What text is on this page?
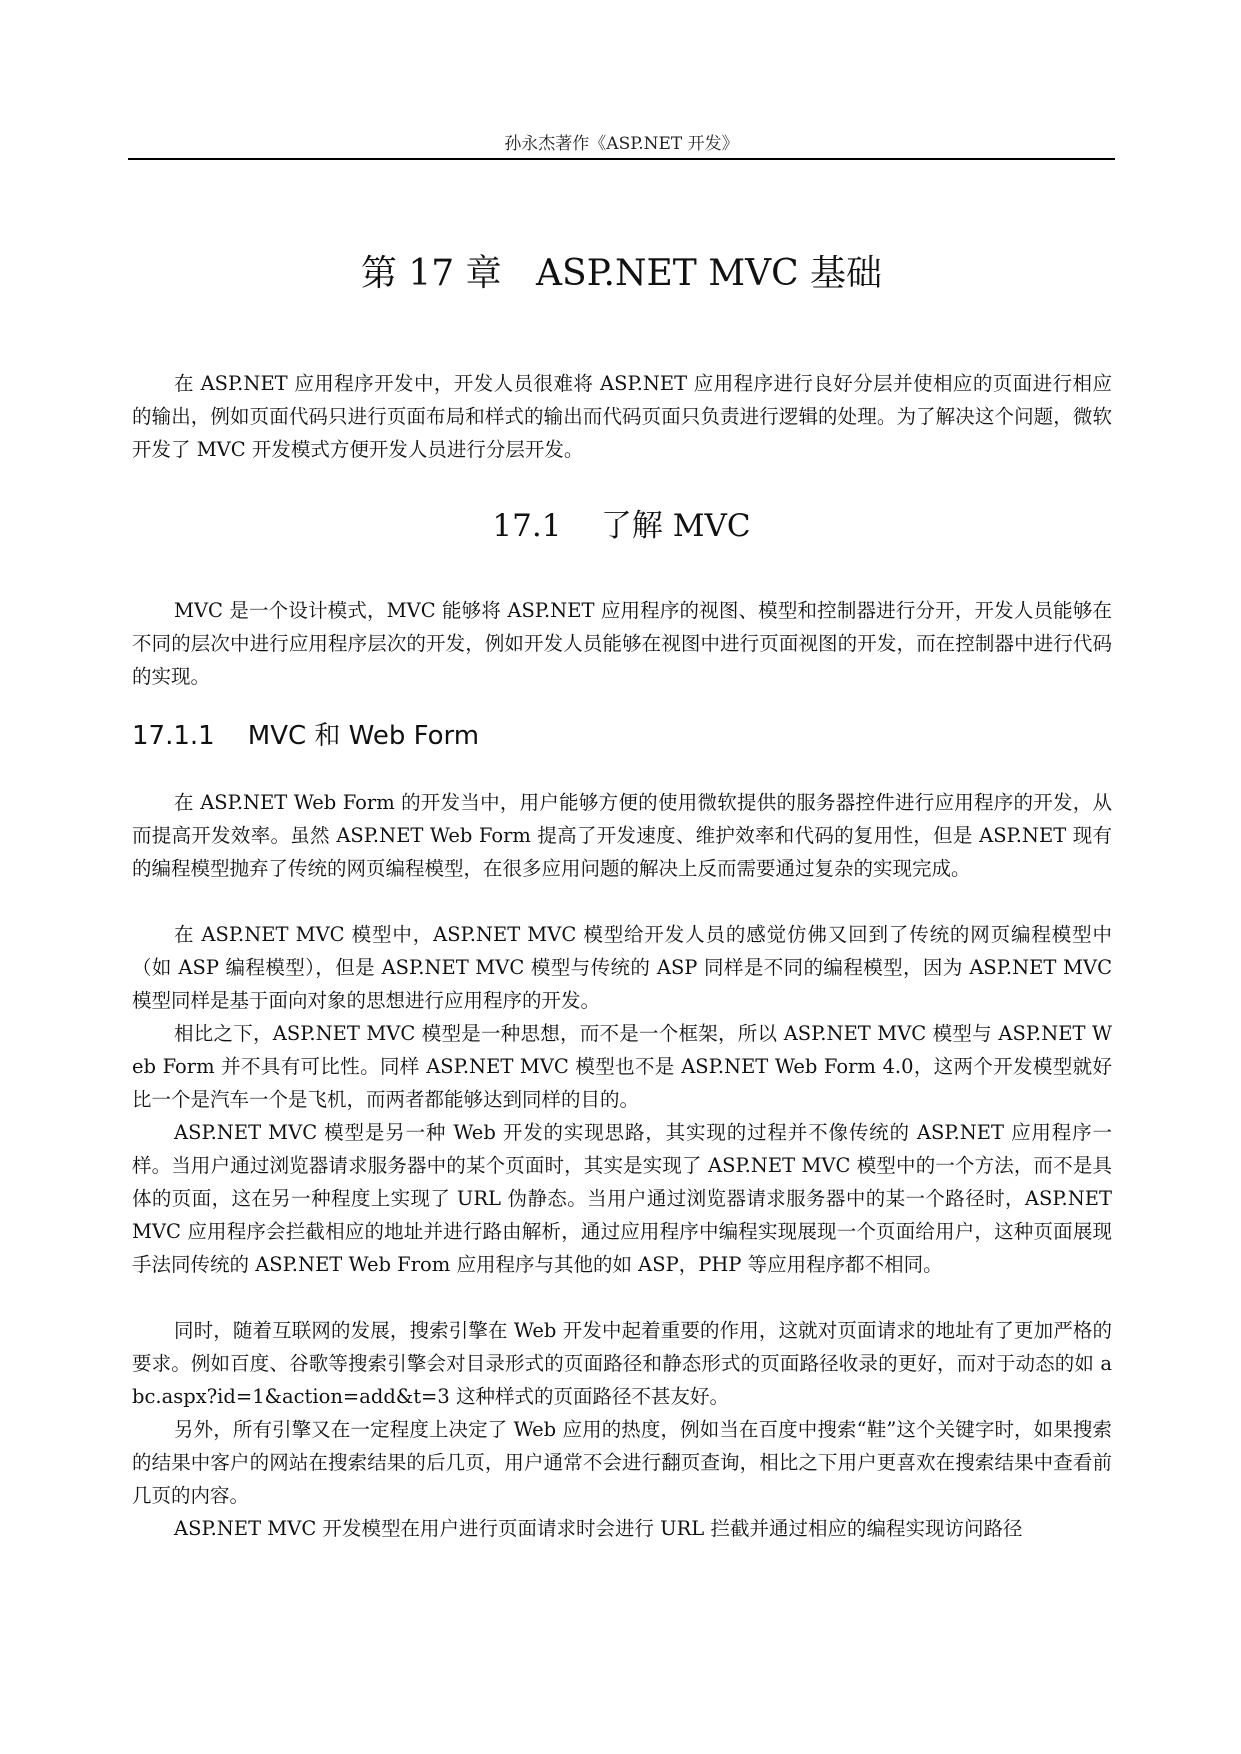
孙永杰著作《ASP.NET 开发》
第 17 章   ASP.NET MVC 基础

在 ASP.NET 应用程序开发中，开发人员很难将 ASP.NET 应用程序进行良好分层并使相应的页面进行相应的输出，例如页面代码只进行页面布局和样式的输出而代码页面只负责进行逻辑的处理。为了解决这个问题，微软开发了 MVC 开发模式方便开发人员进行分层开发。

17.1    了解 MVC

MVC 是一个设计模式，MVC 能够将 ASP.NET 应用程序的视图、模型和控制器进行分开，开发人员能够在不同的层次中进行应用程序层次的开发，例如开发人员能够在视图中进行页面视图的开发，而在控制器中进行代码的实现。

17.1.1    MVC 和 Web Form

在 ASP.NET Web Form 的开发当中，用户能够方便的使用微软提供的服务器控件进行应用程序的开发，从而提高开发效率。虽然 ASP.NET Web Form 提高了开发速度、维护效率和代码的复用性，但是 ASP.NET 现有的编程模型抛弃了传统的网页编程模型，在很多应用问题的解决上反而需要通过复杂的实现完成。

在 ASP.NET MVC 模型中，ASP.NET MVC 模型给开发人员的感觉仿佛又回到了传统的网页编程模型中（如 ASP 编程模型），但是 ASP.NET MVC 模型与传统的 ASP 同样是不同的编程模型，因为 ASP.NET MVC 模型同样是基于面向对象的思想进行应用程序的开发。

相比之下，ASP.NET MVC 模型是一种思想，而不是一个框架，所以 ASP.NET MVC 模型与 ASP.NET Web Form 并不具有可比性。同样 ASP.NET MVC 模型也不是 ASP.NET Web Form 4.0，这两个开发模型就好比一个是汽车一个是飞机，而两者都能够达到同样的目的。

ASP.NET MVC 模型是另一种 Web 开发的实现思路，其实现的过程并不像传统的 ASP.NET 应用程序一样。当用户通过浏览器请求服务器中的某个页面时，其实是实现了 ASP.NET MVC 模型中的一个方法，而不是具体的页面，这在另一种程度上实现了 URL 伪静态。当用户通过浏览器请求服务器中的某一个路径时，ASP.NET MVC 应用程序会拦截相应的地址并进行路由解析，通过应用程序中编程实现展现一个页面给用户，这种页面展现手法同传统的 ASP.NET Web From 应用程序与其他的如 ASP，PHP 等应用程序都不相同。

同时，随着互联网的发展，搜索引擎在 Web 开发中起着重要的作用，这就对页面请求的地址有了更加严格的要求。例如百度、谷歌等搜索引擎会对目录形式的页面路径和静态形式的页面路径收录的更好，而对于动态的如 abc.aspx?id=1&action=add&t=3 这种样式的页面路径不甚友好。

另外，所有引擎又在一定程度上决定了 Web 应用的热度，例如当在百度中搜索“鞋”这个关键字时，如果搜索的结果中客户的网站在搜索结果的后几页，用户通常不会进行翻页查询，相比之下用户更喜欢在搜索结果中查看前几页的内容。

ASP.NET MVC 开发模型在用户进行页面请求时会进行 URL 拦截并通过相应的编程实现访问路径
